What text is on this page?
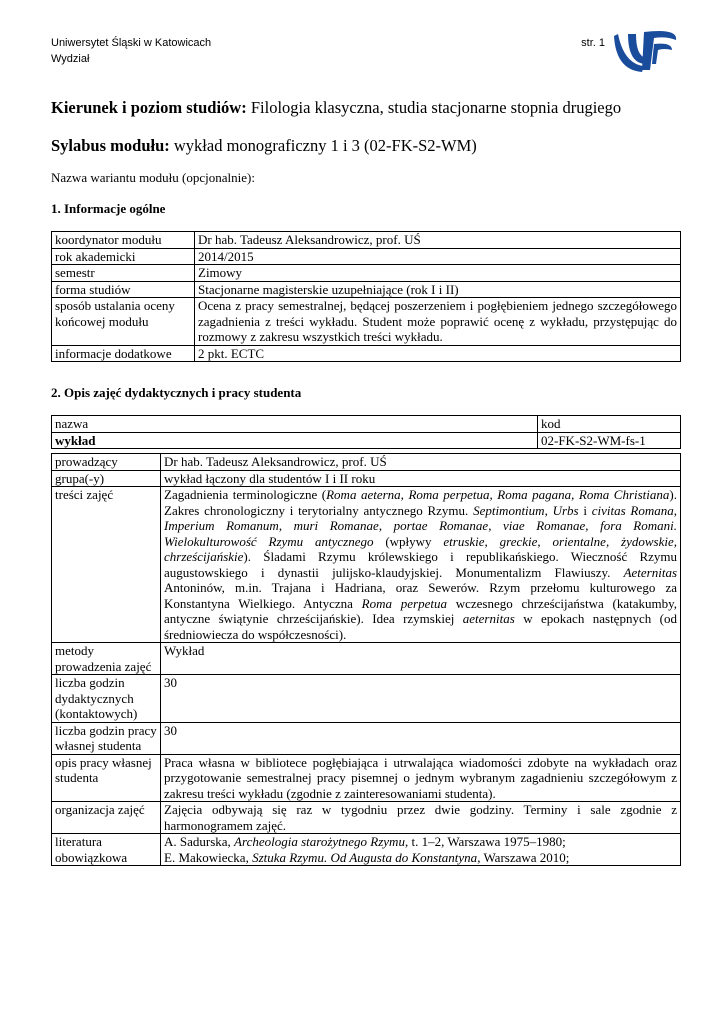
Uniwersytet Śląski w Katowicach
Wydział
str. 1
Kierunek i poziom studiów: Filologia klasyczna, studia stacjonarne stopnia drugiego
Sylabus modułu: wykład monograficzny 1 i 3 (02-FK-S2-WM)
Nazwa wariantu modułu (opcjonalnie):
1. Informacje ogólne
koordynator modułu	Dr hab. Tadeusz Aleksandrowicz, prof. UŚ
rok akademicki	2014/2015
semestr	Zimowy
forma studiów	Stacjonarne magisterskie uzupełniające (rok I i II)
sposób ustalania oceny końcowej modułu	Ocena z pracy semestralnej, będącej poszerzeniem i pogłębieniem jednego szczegółowego zagadnienia z treści wykładu. Student może poprawić ocenę z wykładu, przystępując do rozmowy z zakresu wszystkich treści wykładu.
informacje dodatkowe	2 pkt. ECTC
2. Opis zajęć dydaktycznych i pracy studenta
nazwa	kod
wykład	02-FK-S2-WM-fs-1
prowadzący	Dr hab. Tadeusz Aleksandrowicz, prof. UŚ
grupa(-y)	wykład łączony dla studentów I i II roku
treści zajęć	Zagadnienia terminologiczne (Roma aeterna, Roma perpetua, Roma pagana, Roma Christiana). Zakres chronologiczny i terytorialny antycznego Rzymu. Septimontium, Urbs i civitas Romana, Imperium Romanum, muri Romanae, portae Romanae, viae Romanae, fora Romani. Wielokulturowość Rzymu antycznego (wpływy etruskie, greckie, orientalne, żydowskie, chrześcijańskie). Śladami Rzymu królewskiego i republikańskiego. Wieczność Rzymu augustowskiego i dynastii julijsko-klaudyjskiej. Monumentalizm Flawiuszy. Aeternitas Antoninów, m.in. Trajana i Hadriana, oraz Sewerów. Rzym przełomu kulturowego za Konstantyna Wielkiego. Antyczna Roma perpetua wczesnego chrześcijaństwa (katakumby, antyczne świątynie chrześcijańskie). Idea rzymskiej aeternitas w epokach następnych (od średniowiecza do współczesności).
metody prowadzenia zajęć	Wykład
liczba godzin dydaktycznych (kontaktowych)	30
liczba godzin pracy własnej studenta	30
opis pracy własnej studenta	Praca własna w bibliotece pogłębiająca i utrwalająca wiadomości zdobyte na wykładach oraz przygotowanie semestralnej pracy pisemnej o jednym wybranym zagadnieniu szczegółowym z zakresu treści wykładu (zgodnie z zainteresowaniami studenta).
organizacja zajęć	Zajęcia odbywają się raz w tygodniu przez dwie godziny. Terminy i sale zgodnie z harmonogramem zajęć.
literatura obowiązkowa	A. Sadurska, Archeologia starożytnego Rzymu, t. 1–2, Warszawa 1975–1980;
E. Makowiecka, Sztuka Rzymu. Od Augusta do Konstantyna, Warszawa 2010;
